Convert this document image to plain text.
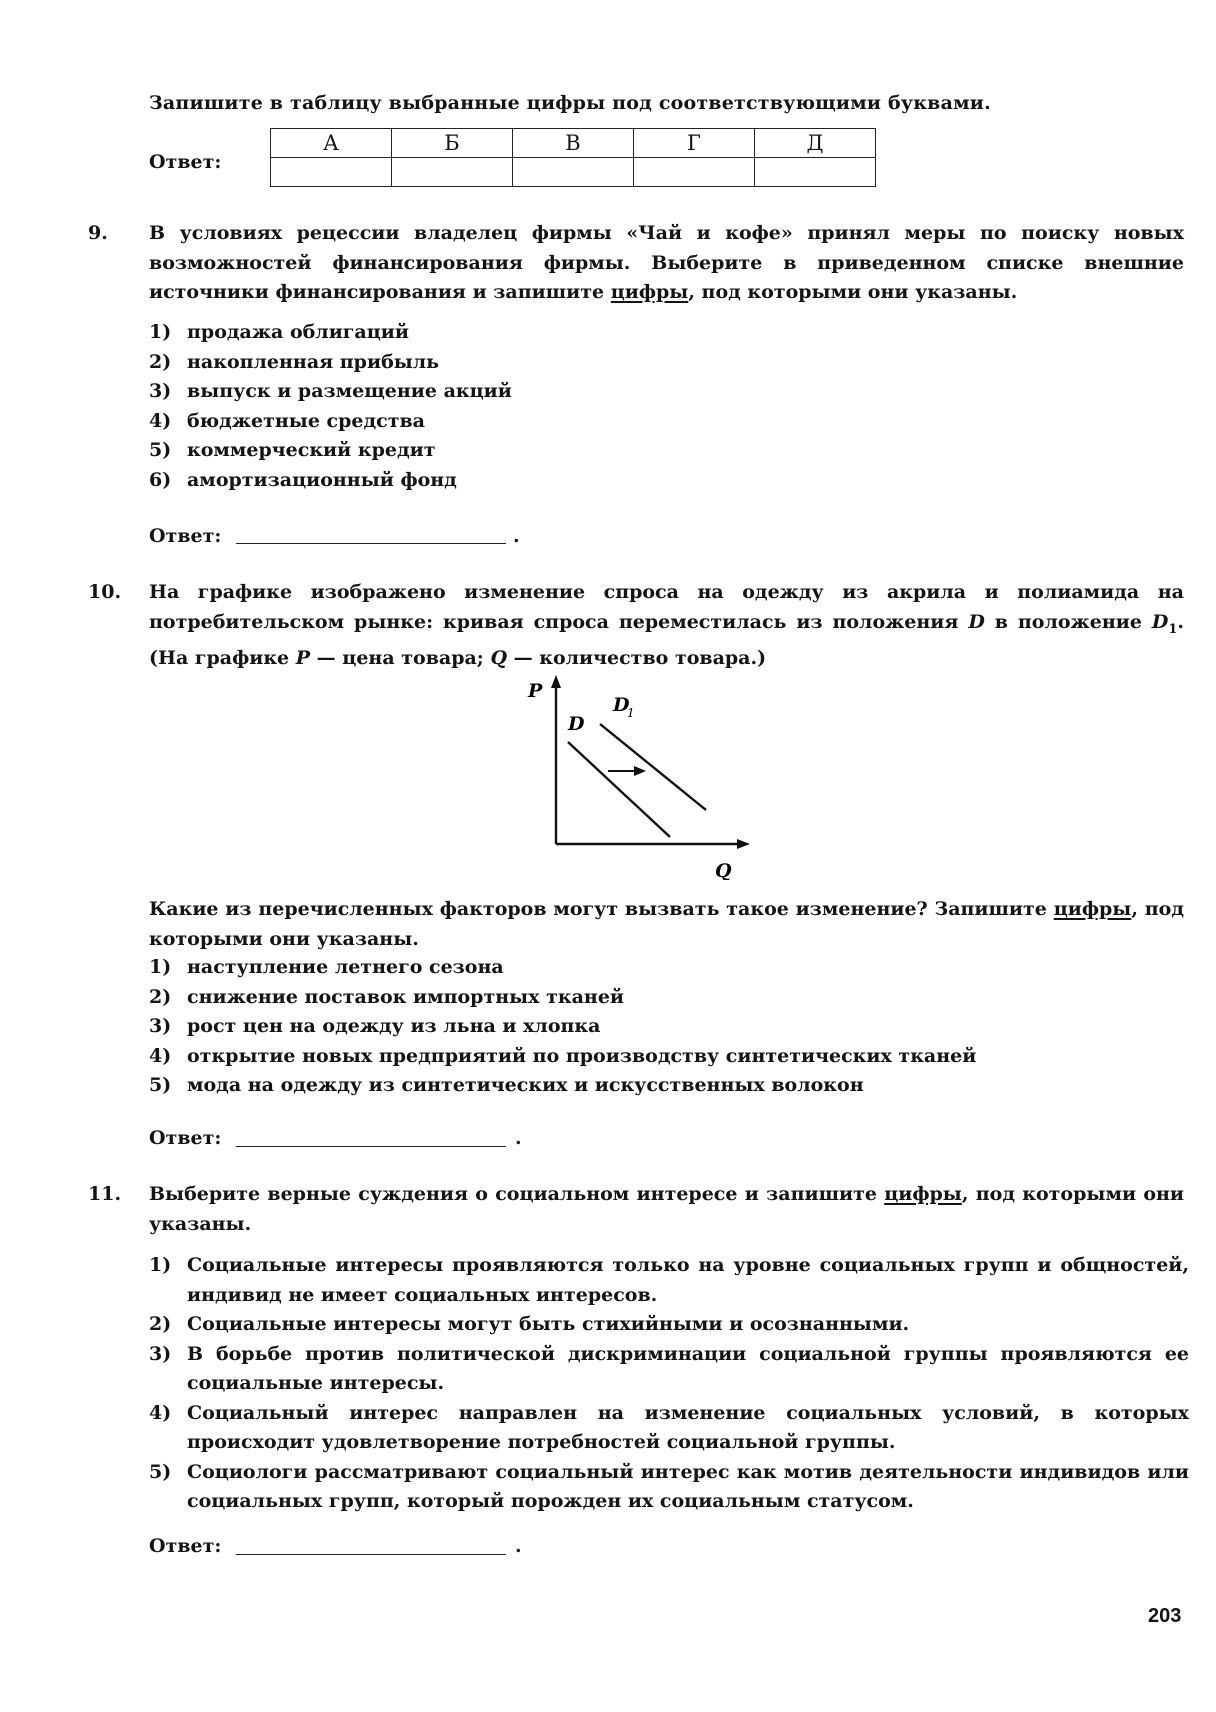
Запишите в таблицу выбранные цифры под соответствующими буквами.
Ответ:
А	Б	В	Г	Д

9. В условиях рецессии владелец фирмы «Чай и кофе» принял меры по поиску новых возможностей финансирования фирмы. Выберите в приведенном списке внешние источники финансирования и запишите цифры, под которыми они указаны.
1) продажа облигаций
2) накопленная прибыль
3) выпуск и размещение акций
4) бюджетные средства
5) коммерческий кредит
6) амортизационный фонд
Ответ:	.
10. На графике изображено изменение спроса на одежду из акрила и полиамида на потребительском рынке: кривая спроса переместилась из положения D в положение $D_1$. (На графике P — цена товара; Q — количество товара.)
P
Q
D
D
1
Какие из перечисленных факторов могут вызвать такое изменение? Запишите цифры, под которыми они указаны.
1) наступление летнего сезона
2) снижение поставок импортных тканей
3) рост цен на одежду из льна и хлопка
4) открытие новых предприятий по производству синтетических тканей
5) мода на одежду из синтетических и искусственных волокон
Ответ:	.
11. Выберите верные суждения о социальном интересе и запишите цифры, под которыми они указаны.
1) Социальные интересы проявляются только на уровне социальных групп и общностей, индивид не имеет социальных интересов.
2) Социальные интересы могут быть стихийными и осознанными.
3) В борьбе против политической дискриминации социальной группы проявляются ее социальные интересы.
4) Социальный интерес направлен на изменение социальных условий, в которых происходит удовлетворение потребностей социальной группы.
5) Социологи рассматривают социальный интерес как мотив деятельности индивидов или социальных групп, который порожден их социальным статусом.
Ответ:	.
203
